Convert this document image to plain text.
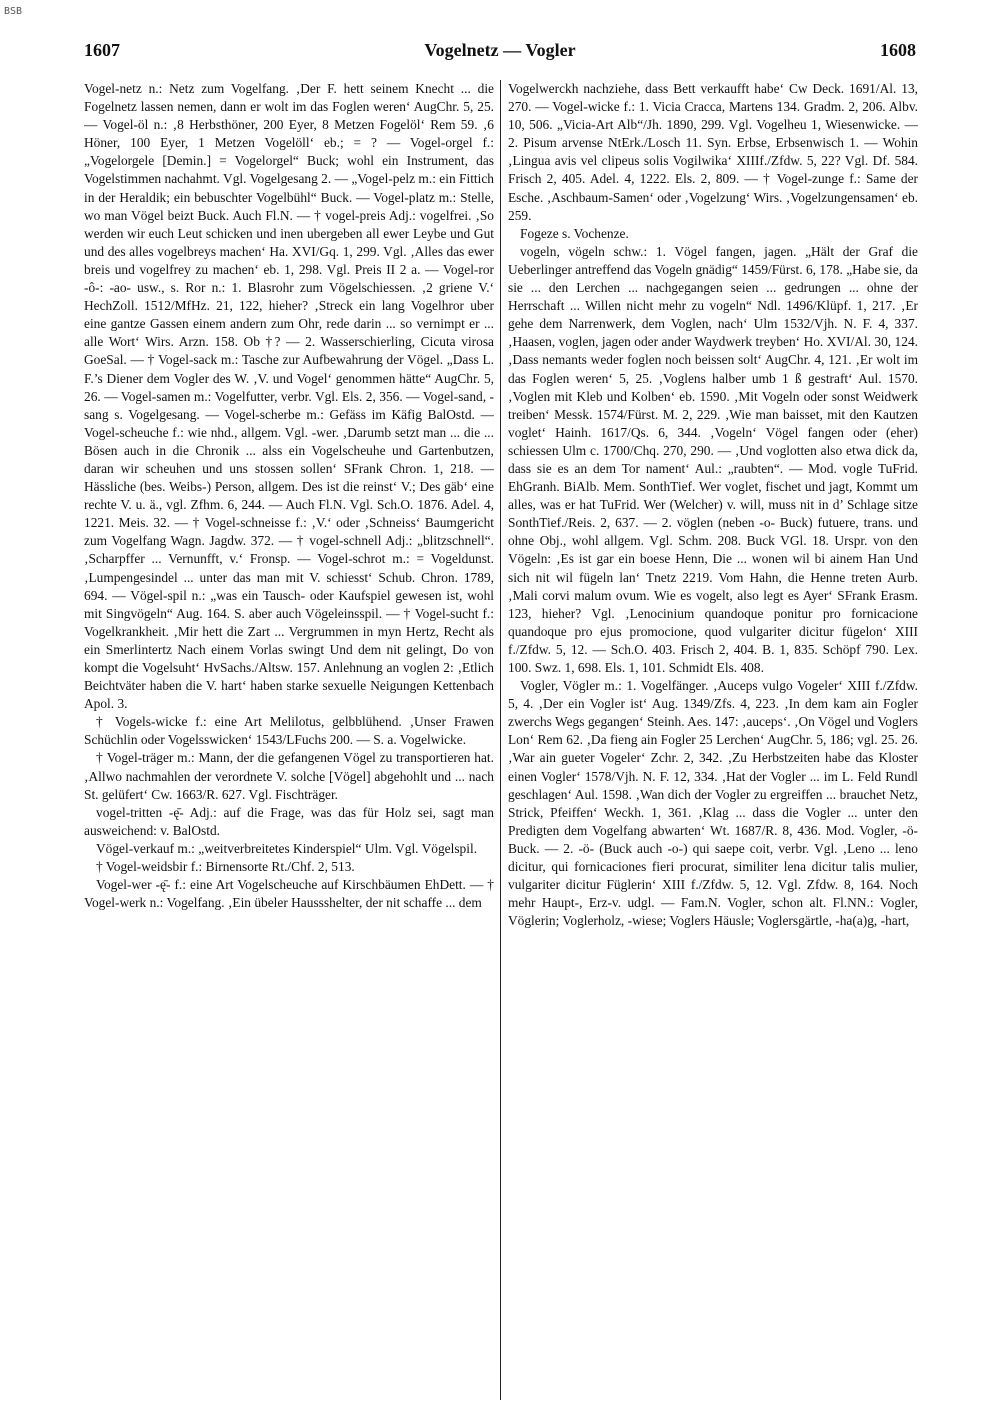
BSB
1607	Vogelnetz — Vogler	1608

Vogel-netz n.: Netz zum Vogelfang. ‚Der F. hett seinem Knecht ... die Fogelnetz lassen nemen, dann er wolt im das Foglen weren‘ AugChr. 5, 25. — Vogel-öl n.: ‚8 Herbsthöner, 200 Eyer, 8 Metzen Fogelöl‘ Rem 59. ‚6 Höner, 100 Eyer, 1 Metzen Vogelöll‘ eb.; = ? — Vogel-orgel f.: „Vogelorgele [Demin.] = Vogelorgel“ Buck; wohl ein Instrument, das Vogelstimmen nachahmt. Vgl. Vogelgesang 2. — „Vogel-pelz m.: ein Fittich in der Heraldik; ein bebuschter Vogelbühl“ Buck. — Vogel-platz m.: Stelle, wo man Vögel beizt Buck. Auch Fl.N. — † vogel-preis Adj.: vogelfrei. ‚So werden wir euch Leut schicken und inen ubergeben all ewer Leybe und Gut und des alles vogelbreys machen‘ Ha. XVI/Gq. 1, 299. Vgl. ‚Alles das ewer breis und vogelfrey zu machen‘ eb. 1, 298. Vgl. Preis II 2 a. — Vogel-ror -ô-: -ao- usw., s. Ror n.: 1. Blasrohr zum Vögelschiessen. ‚2 griene V.‘ HechZoll. 1512/MfHz. 21, 122, hieher? ‚Streck ein lang Vogelhror uber eine gantze Gassen einem andern zum Ohr, rede darin ... so vernimpt er ... alle Wort‘ Wirs. Arzn. 158. Ob †? — 2. Wasserschierling, Cicuta virosa GoeSal. — † Vogel-sack m.: Tasche zur Aufbewahrung der Vögel. „Dass L. F.’s Diener dem Vogler des W. ‚V. und Vogel‘ genommen hätte“ AugChr. 5, 26. — Vogel-samen m.: Vogelfutter, verbr. Vgl. Els. 2, 356. — Vogel-sand, -sang s. Vogelgesang. — Vogel-scherbe m.: Gefäss im Käfig BalOstd. — Vogel-scheuche f.: wie nhd., allgem. Vgl. -wer. ‚Darumb setzt man ... die ... Bösen auch in die Chronik ... alss ein Vogelscheuhe und Gartenbutzen, daran wir scheuhen und uns stossen sollen‘ SFrank Chron. 1, 218. — Hässliche (bes. Weibs-) Person, allgem. Des ist die reinst‘ V.; Des gäb‘ eine rechte V. u. ä., vgl. Zfhm. 6, 244. — Auch Fl.N. Vgl. Sch.O. 1876. Adel. 4, 1221. Meis. 32. — † Vogel-schneisse f.: ‚V.‘ oder ‚Schneiss‘ Baumgericht zum Vogelfang Wagn. Jagdw. 372. — † vogel-schnell Adj.: „blitzschnell“. ‚Scharpffer ... Vernunfft, v.‘ Fronsp. — Vogel-schrot m.: = Vogeldunst. ‚Lumpengesindel ... unter das man mit V. schiesst‘ Schub. Chron. 1789, 694. — Vögel-spil n.: „was ein Tausch- oder Kaufspiel gewesen ist, wohl mit Singvögeln“ Aug. 164. S. aber auch Vögeleinsspil. — † Vogel-sucht f.: Vogelkrankheit. ‚Mir hett die Zart ... Vergrummen in myn Hertz, Recht als ein Smerlintertz Nach einem Vorlas swingt Und dem nit gelingt, Do von kompt die Vogelsuht‘ HvSachs./Altsw. 157. Anlehnung an voglen 2: ‚Etlich Beichtväter haben die V. hart‘ haben starke sexuelle Neigungen Kettenbach Apol. 3.

† Vogels-wicke f.: eine Art Melilotus, gelbblühend. ‚Unser Frawen Schüchlin oder Vogelsswicken‘ 1543/LFuchs 200. — S. a. Vogelwicke.

† Vogel-träger m.: Mann, der die gefangenen Vögel zu transportieren hat. ‚Allwo nachmahlen der verordnete V. solche [Vögel] abgehohlt und ... nach St. gelüfert‘ Cw. 1663/R. 627. Vgl. Fischträger.

vogel-tritten -ę̄- Adj.: auf die Frage, was das für Holz sei, sagt man ausweichend: v. BalOstd.

Vögel-verkauf m.: „weitverbreitetes Kinderspiel“ Ulm. Vgl. Vögelspil.

† Vogel-weidsbir f.: Birnensorte Rt./Chf. 2, 513.

Vogel-wer -ę̄- f.: eine Art Vogelscheuche auf Kirschbäumen EhDett. — † Vogel-werk n.: Vogelfang. ‚Ein übeler Haussshelter, der nit schaffe ... dem

Vogelwerckh nachziehe, dass Bett verkaufft habe‘ Cw Deck. 1691/Al. 13, 270. — Vogel-wicke f.: 1. Vicia Cracca, Martens 134. Gradm. 2, 206. Albv. 10, 506. „Vicia-Art Alb“/Jh. 1890, 299. Vgl. Vogelheu 1, Wiesenwicke. — 2. Pisum arvense NtErk./Losch 11. Syn. Erbse, Erbsenwisch 1. — Wohin ‚Lingua avis vel clipeus solis Vogilwika‘ XIIIf./Zfdw. 5, 22? Vgl. Df. 584. Frisch 2, 405. Adel. 4, 1222. Els. 2, 809. — † Vogel-zunge f.: Same der Esche. ‚Aschbaum-Samen‘ oder ‚Vogelzung‘ Wirs. ‚Vogelzungensamen‘ eb. 259.

Fogeze s. Vochenze.

vogeln, vögeln schw.: 1. Vögel fangen, jagen. „Hält der Graf die Ueberlinger antreffend das Vogeln gnädig“ 1459/Fürst. 6, 178. „Habe sie, da sie ... den Lerchen ... nachgegangen seien ... gedrungen ... ohne der Herrschaft ... Willen nicht mehr zu vogeln“ Ndl. 1496/Klüpf. 1, 217. ‚Er gehe dem Narrenwerk, dem Voglen, nach‘ Ulm 1532/Vjh. N. F. 4, 337. ‚Haasen, voglen, jagen oder ander Waydwerk treyben‘ Ho. XVI/Al. 30, 124. ‚Dass nemants weder foglen noch beissen solt‘ AugChr. 4, 121. ‚Er wolt im das Foglen weren‘ 5, 25. ‚Voglens halber umb 1 ß gestraft‘ Aul. 1570. ‚Voglen mit Kleb und Kolben‘ eb. 1590. ‚Mit Vogeln oder sonst Weidwerk treiben‘ Messk. 1574/Fürst. M. 2, 229. ‚Wie man baisset, mit den Kautzen voglet‘ Hainh. 1617/Qs. 6, 344. ‚Vogeln‘ Vögel fangen oder (eher) schiessen Ulm c. 1700/Chq. 270, 290. — ‚Und voglotten also etwa dick da, dass sie es an dem Tor nament‘ Aul.: „raubten“. — Mod. vogle TuFrid. EhGranh. BiAlb. Mem. SonthTief. Wer voglet, fischet und jagt, Kommt um alles, was er hat TuFrid. Wer (Welcher) v. will, muss nit in d’ Schlage sitze SonthTief./Reis. 2, 637. — 2. vöglen (neben -o- Buck) futuere, trans. und ohne Obj., wohl allgem. Vgl. Schm. 208. Buck VGl. 18. Urspr. von den Vögeln: ‚Es ist gar ein boese Henn, Die ... wonen wil bi ainem Han Und sich nit wil fügeln lan‘ Tnetz 2219. Vom Hahn, die Henne treten Aurb. ‚Mali corvi malum ovum. Wie es vogelt, also legt es Ayer‘ SFrank Erasm. 123, hieher? Vgl. ‚Lenocinium quandoque ponitur pro fornicacione quandoque pro ejus promocione, quod vulgariter dicitur fügelon‘ XIII f./Zfdw. 5, 12. — Sch.O. 403. Frisch 2, 404. B. 1, 835. Schöpf 790. Lex. 100. Swz. 1, 698. Els. 1, 101. Schmidt Els. 408.

Vogler, Vögler m.: 1. Vogelfänger. ‚Auceps vulgo Vogeler‘ XIII f./Zfdw. 5, 4. ‚Der ein Vogler ist‘ Aug. 1349/Zfs. 4, 223. ‚In dem kam ain Fogler zwerchs Wegs gegangen‘ Steinh. Aes. 147: ‚auceps‘. ‚On Vögel und Voglers Lon‘ Rem 62. ‚Da fieng ain Fogler 25 Lerchen‘ AugChr. 5, 186; vgl. 25. 26. ‚War ain gueter Vogeler‘ Zchr. 2, 342. ‚Zu Herbstzeiten habe das Kloster einen Vogler‘ 1578/Vjh. N. F. 12, 334. ‚Hat der Vogler ... im L. Feld Rundl geschlagen‘ Aul. 1598. ‚Wan dich der Vogler zu ergreiffen ... brauchet Netz, Strick, Pfeiffen‘ Weckh. 1, 361. ‚Klag ... dass die Vogler ... unter den Predigten dem Vogelfang abwarten‘ Wt. 1687/R. 8, 436. Mod. Vogler, -ö- Buck. — 2. -ö- (Buck auch -o-) qui saepe coit, verbr. Vgl. ‚Leno ... leno dicitur, qui fornicaciones fieri procurat, similiter lena dicitur talis mulier, vulgariter dicitur Füglerin‘ XIII f./Zfdw. 5, 12. Vgl. Zfdw. 8, 164. Noch mehr Haupt-, Erz-v. udgl. — Fam.N. Vogler, schon alt. Fl.NN.: Vogler, Vöglerin; Voglerholz, -wiese; Voglers Häusle; Voglersgärtle, -ha(a)g, -hart,
